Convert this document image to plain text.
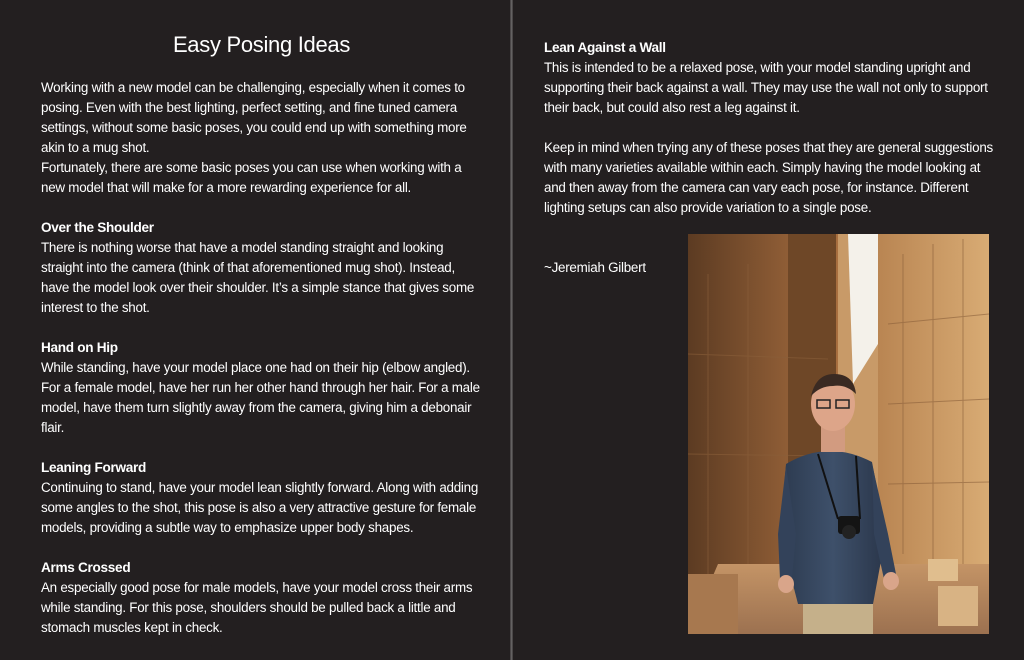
Easy Posing Ideas

Working with a new model can be challenging, especially when it comes to posing. Even with the best lighting, perfect setting, and fine tuned camera settings, without some basic poses, you could end up with something more akin to a mug shot.

Fortunately, there are some basic poses you can use when working with a new model that will make for a more rewarding experience for all.

Over the Shoulder

There is nothing worse that have a model standing straight and looking straight into the camera (think of that aforementioned mug shot). Instead, have the model look over their shoulder. It’s a simple stance that gives some interest to the shot.

Hand on Hip

While standing, have your model place one had on their hip (elbow angled). For a female model, have her run her other hand through her hair. For a male model, have them turn slightly away from the camera, giving him a debonair flair.

Leaning Forward

Continuing to stand, have your model lean slightly forward. Along with adding some angles to the shot, this pose is also a very attractive gesture for female models, providing a subtle way to emphasize upper body shapes.

Arms Crossed

An especially good pose for male models, have your model cross their arms while standing. For this pose, shoulders should be pulled back a little and stomach muscles kept in check.

Lean Against a Wall

This is intended to be a relaxed pose, with your model standing upright and supporting their back against a wall. They may use the wall not only to support their back, but could also rest a leg against it.

Keep in mind when trying any of these poses that they are general suggestions with many varieties available within each. Simply having the model looking at and then away from the camera can vary each pose, for instance. Different lighting setups can also provide variation to a single pose.

~Jeremiah Gilbert
